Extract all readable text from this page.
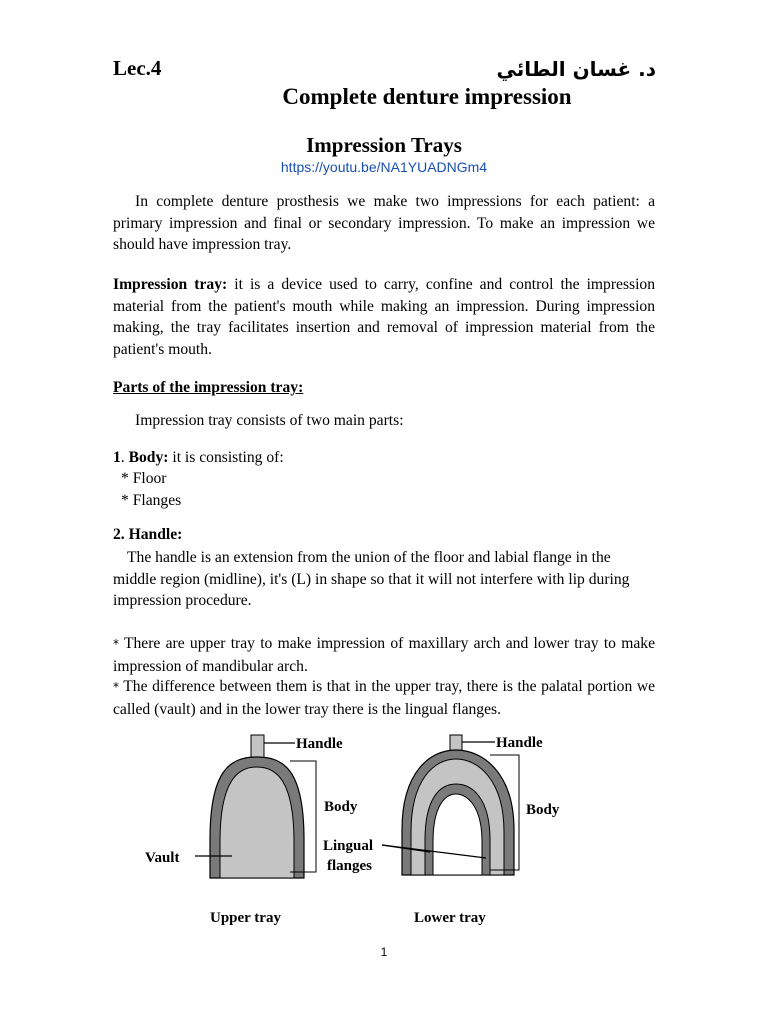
Lec.4	د. غسان الطائي
Complete denture impression
Impression Trays
https://youtu.be/NA1YUADNGm4
In complete denture prosthesis we make two impressions for each patient: a primary impression and final or secondary impression. To make an impression we should have impression tray.
Impression tray: it is a device used to carry, confine and control the impression material from the patient's mouth while making an impression. During impression making, the tray facilitates insertion and removal of impression material from the patient's mouth.
Parts of the impression tray:
Impression tray consists of two main parts:
1. Body: it is consisting of:
* Floor
* Flanges
2. Handle:
The handle is an extension from the union of the floor and labial flange in the middle region (midline), it's (L) in shape so that it will not interfere with lip during impression procedure.
* There are upper tray to make impression of maxillary arch and lower tray to make impression of mandibular arch.
* The difference between them is that in the upper tray, there is the palatal portion we called (vault) and in the lower tray there is the lingual flanges.
Handle
Body
Vault
Upper tray
Handle
Body
Lingual
flanges
Lower tray
1
